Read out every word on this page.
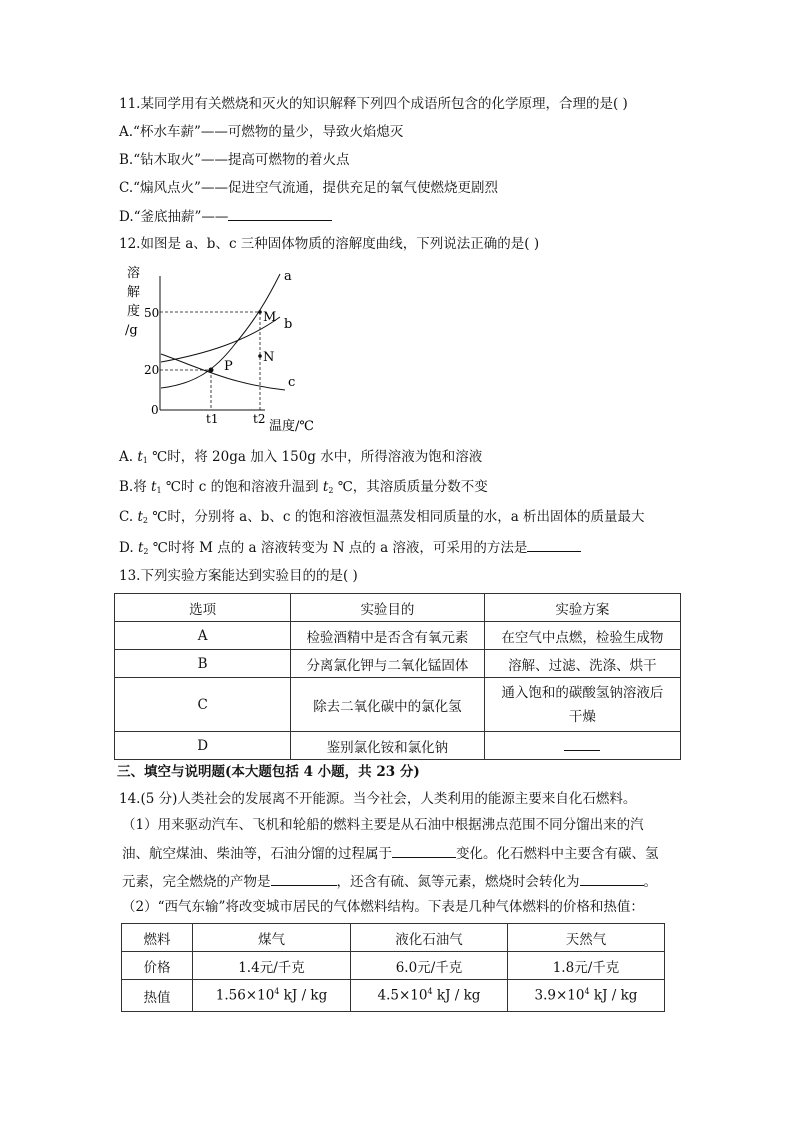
11.某同学用有关燃烧和灭火的知识解释下列四个成语所包含的化学原理，合理的是( )
A.“杯水车薪”——可燃物的量少，导致火焰熄灭
B.“钻木取火”——提高可燃物的着火点
C.“煽风点火”——促进空气流通，提供充足的氧气使燃烧更剧烈
D.“釜底抽薪”——
12.如图是 a、b、c 三种固体物质的溶解度曲线，下列说法正确的是( )
溶
解
度
/g
50
20
0
P
M
N
a
b
c
t1	t2 温度/℃
A. $t_1$ ℃时，将 20ga 加入 150g 水中，所得溶液为饱和溶液
B.将 $t_1$ ℃时 c 的饱和溶液升温到 $t_2$ ℃，其溶质质量分数不变
C. $t_2$ ℃时，分别将 a、b、c 的饱和溶液恒温蒸发相同质量的水，a 析出固体的质量最大
D. $t_2$ ℃时将 M 点的 a 溶液转变为 N 点的 a 溶液，可采用的方法是
13.下列实验方案能达到实验目的的是( )
选项	实验目的	实验方案
A	检验酒精中是否含有氧元素	在空气中点燃，检验生成物
B	分离氯化钾与二氧化锰固体	溶解、过滤、洗涤、烘干
C	除去二氧化碳中的氯化氢	通入饱和的碳酸氢钠溶液后
干燥

D	鉴别氯化铵和氯化钠	
三、填空与说明题(本大题包括 4 小题，共 23 分)
14.(5 分)人类社会的发展离不开能源。当今社会，人类利用的能源主要来自化石燃料。
（1）用来驱动汽车、飞机和轮船的燃料主要是从石油中根据沸点范围不同分馏出来的汽
油、航空煤油、柴油等，石油分馏的过程属于	变化。化石燃料中主要含有碳、氢
元素，完全燃烧的产物是	，还含有硫、氮等元素，燃烧时会转化为	。
（2）“西气东输”将改变城市居民的气体燃料结构。下表是几种气体燃料的价格和热值：
燃料	煤气	液化石油气	天然气
价格	1.4元/千克	6.0元/千克	1.8元/千克
热值	$1.56\times 10^4$ kJ / kg	$4.5\times 10^4$ kJ / kg	$3.9\times 10^4$ kJ / kg
